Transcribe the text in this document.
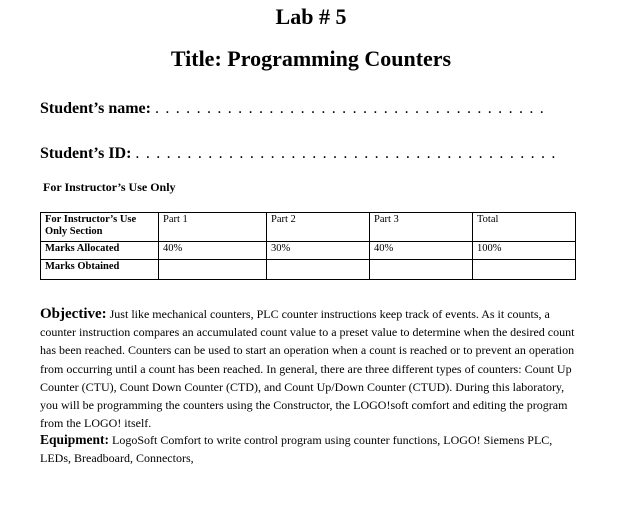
Lab # 5
Title: Programming Counters
Student’s name: . . . . . . . . . . . . . . . . . . . . . . . . . . . . . . . . . . . . . .
Student’s ID: . . . . . . . . . . . . . . . . . . . . . . . . . . . . . . . . . . . . . . . . .
For Instructor’s Use Only
For Instructor’s Use Only Section	Part 1	Part 2	Part 3	Total
Marks Allocated	40%	30%	40%	100%
Marks Obtained				
Objective: Just like mechanical counters, PLC counter instructions keep track of events. As it counts, a counter instruction compares an accumulated count value to a preset value to determine when the desired count has been reached. Counters can be used to start an operation when a count is reached or to prevent an operation from occurring until a count has been reached. In general, there are three different types of counters: Count Up Counter (CTU), Count Down Counter (CTD), and Count Up/Down Counter (CTUD). During this laboratory, you will be programming the counters using the Constructor, the LOGO!soft comfort and editing the program from the LOGO! itself.
Equipment: LogoSoft Comfort to write control program using counter functions, LOGO! Siemens PLC, LEDs, Breadboard, Connectors,
